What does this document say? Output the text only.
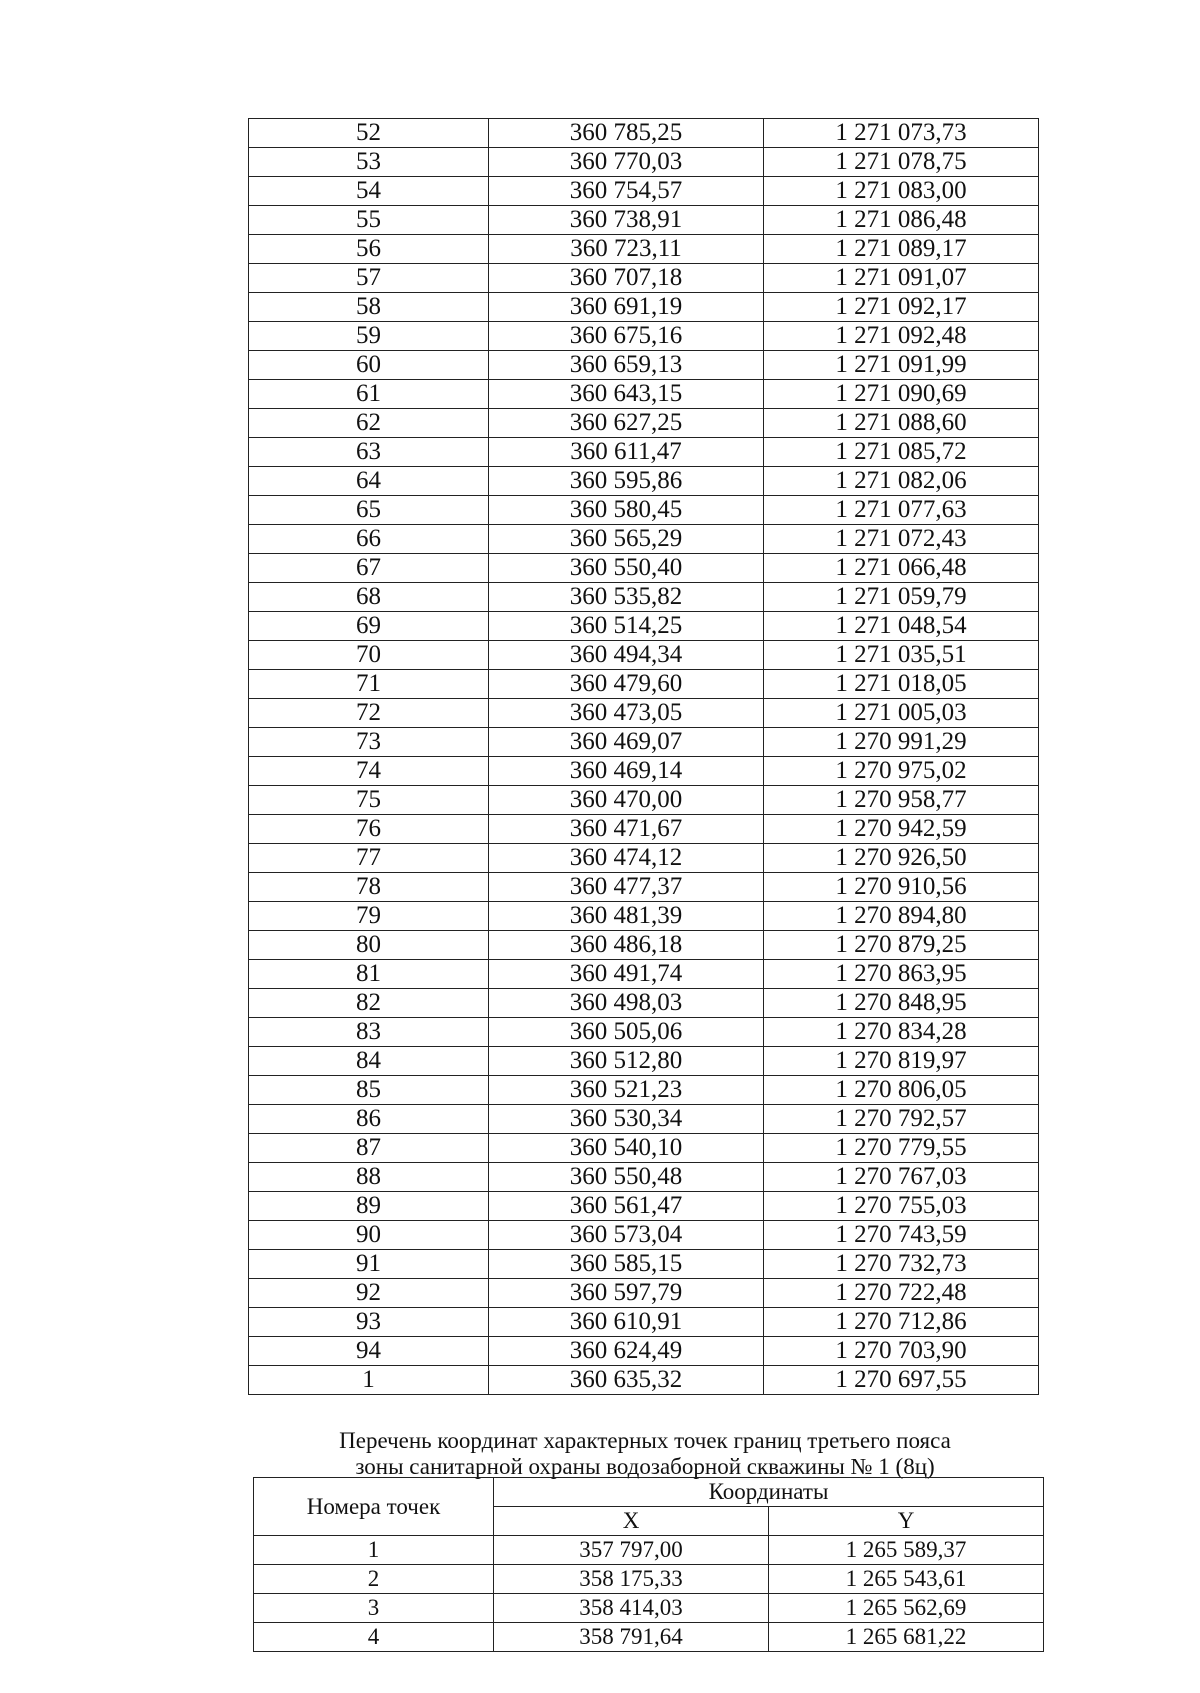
52	360 785,25	1 271 073,73
53	360 770,03	1 271 078,75
54	360 754,57	1 271 083,00
55	360 738,91	1 271 086,48
56	360 723,11	1 271 089,17
57	360 707,18	1 271 091,07
58	360 691,19	1 271 092,17
59	360 675,16	1 271 092,48
60	360 659,13	1 271 091,99
61	360 643,15	1 271 090,69
62	360 627,25	1 271 088,60
63	360 611,47	1 271 085,72
64	360 595,86	1 271 082,06
65	360 580,45	1 271 077,63
66	360 565,29	1 271 072,43
67	360 550,40	1 271 066,48
68	360 535,82	1 271 059,79
69	360 514,25	1 271 048,54
70	360 494,34	1 271 035,51
71	360 479,60	1 271 018,05
72	360 473,05	1 271 005,03
73	360 469,07	1 270 991,29
74	360 469,14	1 270 975,02
75	360 470,00	1 270 958,77
76	360 471,67	1 270 942,59
77	360 474,12	1 270 926,50
78	360 477,37	1 270 910,56
79	360 481,39	1 270 894,80
80	360 486,18	1 270 879,25
81	360 491,74	1 270 863,95
82	360 498,03	1 270 848,95
83	360 505,06	1 270 834,28
84	360 512,80	1 270 819,97
85	360 521,23	1 270 806,05
86	360 530,34	1 270 792,57
87	360 540,10	1 270 779,55
88	360 550,48	1 270 767,03
89	360 561,47	1 270 755,03
90	360 573,04	1 270 743,59
91	360 585,15	1 270 732,73
92	360 597,79	1 270 722,48
93	360 610,91	1 270 712,86
94	360 624,49	1 270 703,90
1	360 635,32	1 270 697,55
Перечень координат характерных точек границ третьего пояса
зоны санитарной охраны водозаборной скважины № 1 (8ц)
Номера точек	Координаты	
	X	Y
1	357 797,00	1 265 589,37
2	358 175,33	1 265 543,61
3	358 414,03	1 265 562,69
4	358 791,64	1 265 681,22
